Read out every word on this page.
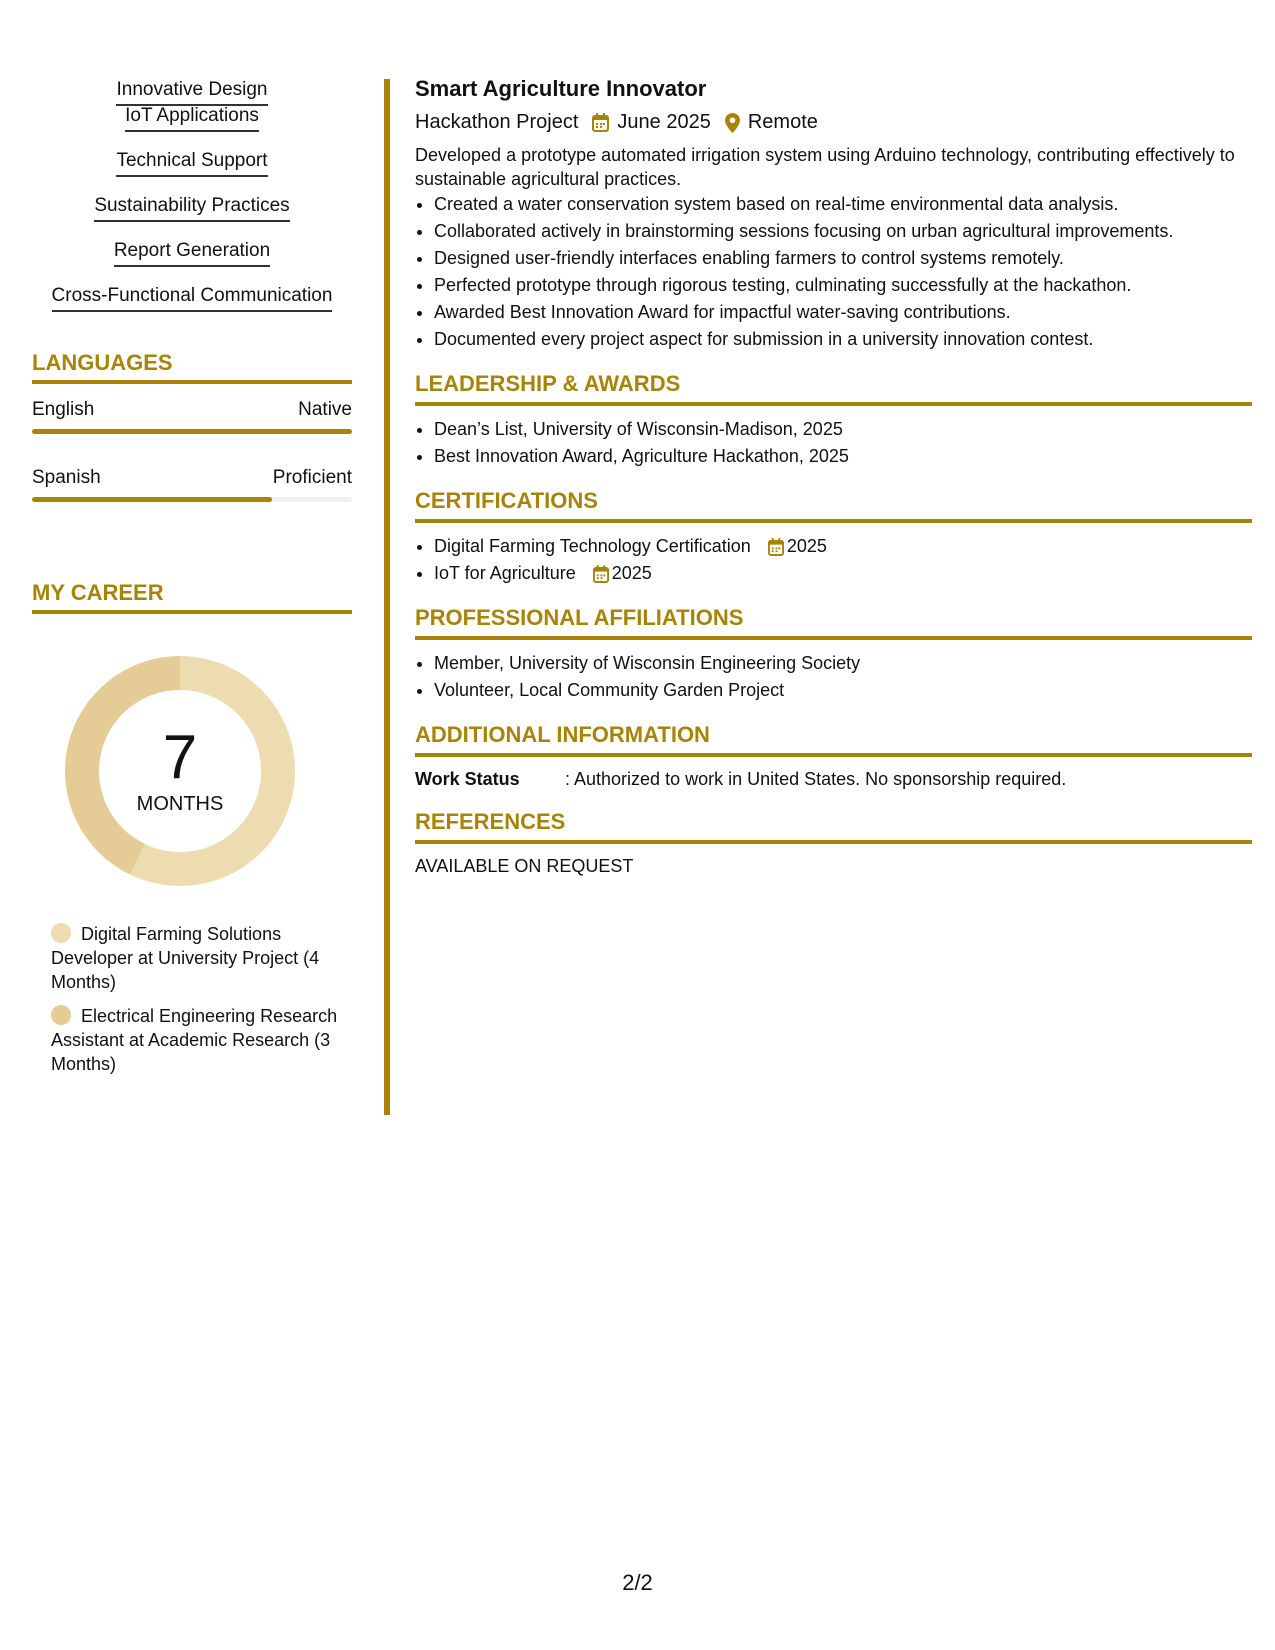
Innovative Design IoT Applications
Technical Support
Sustainability Practices
Report Generation
Cross-Functional Communication
LANGUAGES
English	Native
Spanish	Proficient
MY CAREER
7
MONTHS
Digital Farming Solutions Developer at University Project (4 Months)
Electrical Engineering Research Assistant at Academic Research (3 Months)
Smart Agriculture Innovator
Hackathon Project June 2025 Remote
Developed a prototype automated irrigation system using Arduino technology, contributing effectively to sustainable agricultural practices.
• Created a water conservation system based on real-time environmental data analysis.
• Collaborated actively in brainstorming sessions focusing on urban agricultural improvements.
• Designed user-friendly interfaces enabling farmers to control systems remotely.
• Perfected prototype through rigorous testing, culminating successfully at the hackathon.
• Awarded Best Innovation Award for impactful water-saving contributions.
• Documented every project aspect for submission in a university innovation contest.
LEADERSHIP & AWARDS
• Dean’s List, University of Wisconsin-Madison, 2025
• Best Innovation Award, Agriculture Hackathon, 2025
CERTIFICATIONS
• Digital Farming Technology Certification 2025
• IoT for Agriculture 2025
PROFESSIONAL AFFILIATIONS
• Member, University of Wisconsin Engineering Society
• Volunteer, Local Community Garden Project
ADDITIONAL INFORMATION
Work Status	: Authorized to work in United States. No sponsorship required.
REFERENCES
AVAILABLE ON REQUEST
2/2
